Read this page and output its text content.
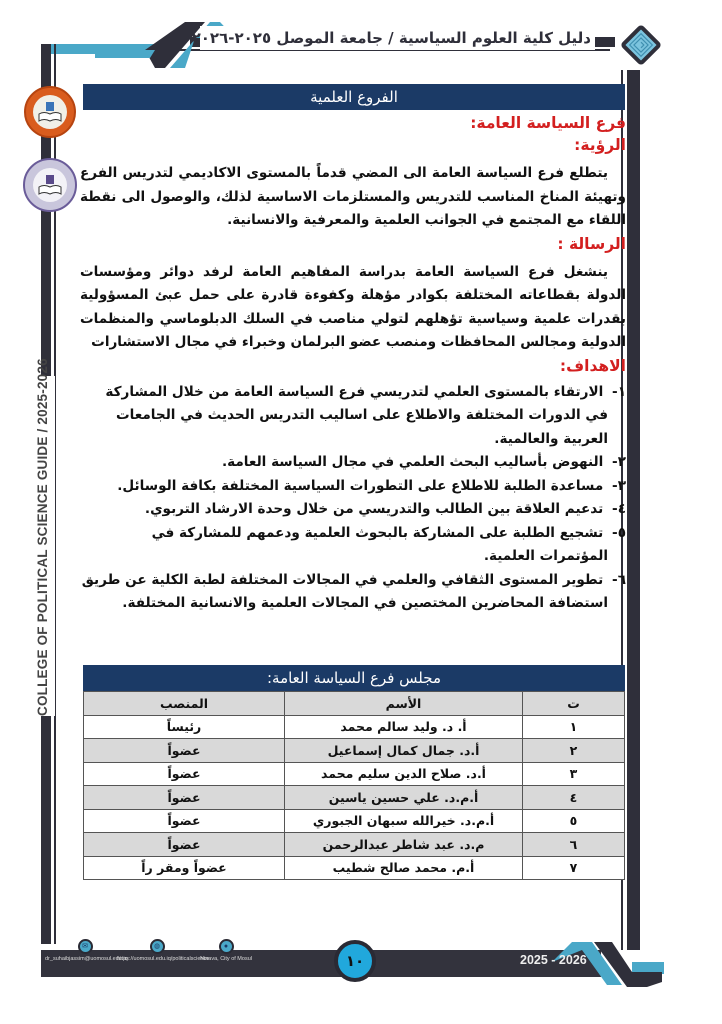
دليل كلية العلوم السياسية / جامعة الموصل ٢٠٢٥-٢٠٢٦
COLLEGE OF POLITICAL SCIENCE GUIDE / 2025-2026
الفروع العلمية
فرع السياسة العامة:
الرؤية:

يتطلع فرع السياسة العامة الى المضي قدماً بالمستوى الاكاديمي لتدريس الفرع وتهيئة المناخ المناسب للتدريس والمستلزمات الاساسية لذلك، والوصول الى نقطة اللقاء مع المجتمع في الجوانب العلمية والمعرفية والانسانية.

الرسالة :

ينشغل فرع السياسة العامة بدراسة المفاهيم العامة لرفد دوائر ومؤسسات الدولة بقطاعاته المختلفة بكوادر مؤهلة وكفوءة قادرة على حمل عبئ المسؤولية بقدرات علمية وسياسية تؤهلهم لتولي مناصب في السلك الدبلوماسي والمنظمات الدولية ومجالس المحافظات ومنصب عضو البرلمان وخبراء في مجال الاستشارات

الاهداف:
١- الارتقاء بالمستوى العلمي لتدريسي فرع السياسة العامة من خلال المشاركة في الدورات المختلفة والاطلاع على اساليب التدريس الحديث في الجامعات العربية والعالمية.
٢- النهوض بأساليب البحث العلمي في مجال السياسة العامة.
٣- مساعدة الطلبة للاطلاع على التطورات السياسية المختلفة بكافة الوسائل.
٤- تدعيم العلاقة بين الطالب والتدريسي من خلال وحدة الارشاد التربوي.
٥- تشجيع الطلبة على المشاركة بالبحوث العلمية ودعمهم للمشاركة في المؤتمرات العلمية.
٦- تطوير المستوى الثقافي والعلمي في المجالات المختلفة لطبة الكلية عن طريق استضافة المحاضرين المختصين في المجالات العلمية والانسانية المختلفة.
مجلس فرع السياسة العامة:
ت	الأسم	المنصب
١	أ. د. وليد سالم محمد	رئيساً
٢	أ.د. جمال كمال إسماعيل	عضواً
٣	أ.د. صلاح الدين سليم محمد	عضواً
٤	أ.م.د. علي حسين ياسين	عضواً
٥	أ.م.د. خيرالله سبهان الجبوري	عضواً
٦	م.د. عبد شاطر عبدالرحمن	عضواً
٧	أ.م. محمد صالح شطيب	عضواً ومقر راً
2025 - 2026
١٠
✉
dr_suhaibjassim@uomosul.edu.iq
◍
https://uomosul.edu.iq/politicalscience
●
Ninava, City of Mosul
